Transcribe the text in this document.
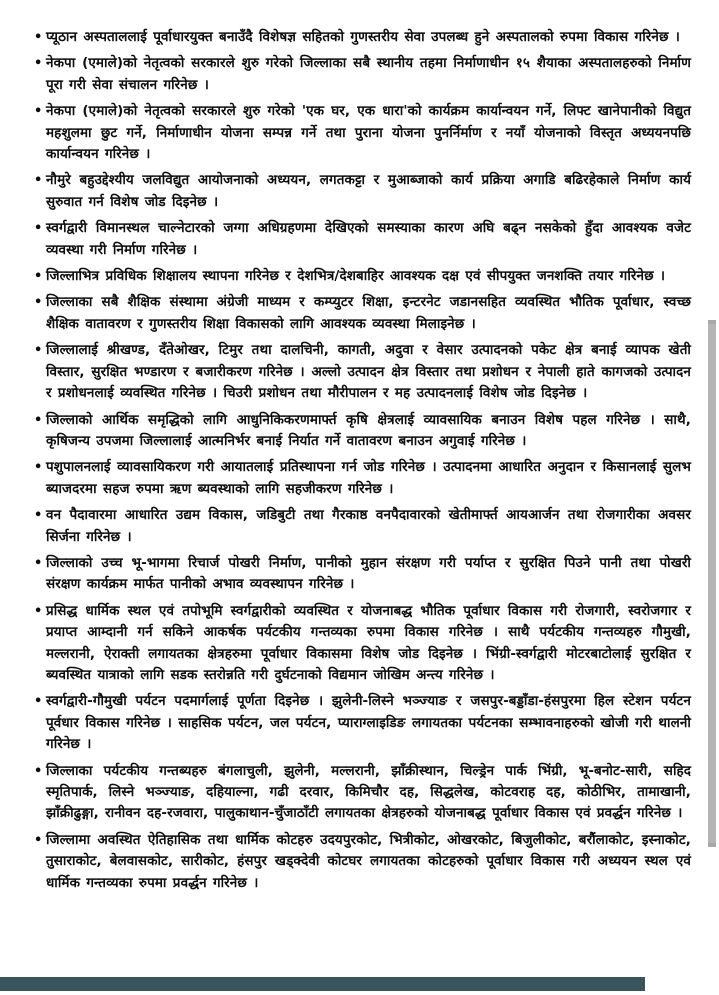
• प्यूठान अस्पताललाई पूर्वाधारयुक्त बनाउँदै विशेषज्ञ सहितको गुणस्तरीय सेवा उपलब्ध हुने अस्पतालको रुपमा विकास गरिनेछ ।
• नेकपा (एमाले)को नेतृत्वको सरकारले शुरु गरेको जिल्लाका सबै स्थानीय तहमा निर्माणाधीन १५ शैयाका अस्पतालहरुको निर्माण पूरा गरी सेवा संचालन गरिनेछ ।
• नेकपा (एमाले)को नेतृत्वको सरकारले शुरु गरेको 'एक घर, एक धारा'को कार्यक्रम कार्यान्वयन गर्ने, लिफ्ट खानेपानीको विद्युत महशुलमा छुट गर्ने, निर्माणाधीन योजना सम्पन्न गर्ने तथा पुराना योजना पुनर्निर्माण र नयाँ योजनाको विस्तृत अध्ययनपछि कार्यान्वयन गरिनेछ ।
• नौमुरे बहुउद्देश्यीय जलविद्युत आयोजनाको अध्ययन, लगतकट्टा र मुआब्जाको कार्य प्रक्रिया अगाडि बढिरहेकाले निर्माण कार्य सुरुवात गर्न विशेष जोड दिइनेछ ।
• स्वर्गद्वारी विमानस्थल चाल्नेटारको जग्गा अधिग्रहणमा देखिएको समस्याका कारण अघि बढ्न नसकेको हुँदा आवश्यक वजेट व्यवस्था गरी निर्माण गरिनेछ ।
• जिल्लाभित्र प्रविधिक शिक्षालय स्थापना गरिनेछ र देशभित्र/देशबाहिर आवश्यक दक्ष एवं सीपयुक्त जनशक्ति तयार गरिनेछ ।
• जिल्लाका सबै शैक्षिक संस्थामा अंग्रेजी माध्यम र कम्प्युटर शिक्षा, इन्टरनेट जडानसहित व्यवस्थित भौतिक पूर्वाधार, स्वच्छ शैक्षिक वातावरण र गुणस्तरीय शिक्षा विकासको लागि आवश्यक व्यवस्था मिलाइनेछ ।
• जिल्लालाई श्रीखण्ड, दँतेओखर, टिमुर तथा दालचिनी, कागती, अदुवा र वेसार उत्पादनको पकेट क्षेत्र बनाई व्यापक खेती विस्तार, सुरक्षित भण्डारण र बजारीकरण गरिनेछ । अल्लो उत्पादन क्षेत्र विस्तार तथा प्रशोधन र नेपाली हाते कागजको उत्पादन र प्रशोधनलाई व्यवस्थित गरिनेछ । चिउरी प्रशोधन तथा मौरीपालन र मह उत्पादनलाई विशेष जोड दिइनेछ ।
• जिल्लाको आर्थिक समृद्धिको लागि आधुनिकिकरणमार्फ्त कृषि क्षेत्रलाई व्यावसायिक बनाउन विशेष पहल गरिनेछ । साथै, कृषिजन्य उपजमा जिल्लालाई आत्मनिर्भर बनाई निर्यात गर्ने वातावरण बनाउन अगुवाई गरिनेछ ।
• पशुपालनलाई व्यावसायिकरण गरी आयातलाई प्रतिस्थापना गर्न जोड गरिनेछ । उत्पादनमा आधारित अनुदान र किसानलाई सुलभ ब्याजदरमा सहज रुपमा ऋण ब्यवस्थाको लागि सहजीकरण गरिनेछ ।
• वन पैदावारमा आधारित उद्यम विकास, जडिबुटी तथा गैरकाष्ठ वनपैदावारको खेतीमार्फ्त आयआर्जन तथा रोजगारीका अवसर सिर्जना गरिनेछ ।
• जिल्लाको उच्च भू-भागमा रिचार्ज पोखरी निर्माण, पानीको मुहान संरक्षण गरी पर्याप्त र सुरक्षित पिउने पानी तथा पोखरी संरक्षण कार्यक्रम मार्फत पानीको अभाव व्यवस्थापन गरिनेछ ।
• प्रसिद्ध धार्मिक स्थल एवं तपोभूमि स्वर्गद्वारीको व्यवस्थित र योजनाबद्ध भौतिक पूर्वाधार विकास गरी रोजगारी, स्वरोजगार र प्रयाप्त आम्दानी गर्न सकिने आकर्षक पर्यटकीय गन्तव्यका रुपमा विकास गरिनेछ । साथै पर्यटकीय गन्तव्यहरु गौमुखी, मल्लरानी, ऐराक्ती लगायतका क्षेत्रहरुमा पूर्वाधार विकासमा विशेष जोड दिइनेछ । भिंग्री-स्वर्गद्वारी मोटरबाटोलाई सुरक्षित र ब्यवस्थित यात्राको लागि सडक स्तरोन्नति गरी दुर्घटनाको विद्यमान जोखिम अन्त्य गरिनेछ ।
• स्वर्गद्वारी-गौमुखी पर्यटन पदमार्गलाई पूर्णता दिइनेछ । झुलेनी-लिस्ने भञ्ज्याङ र जसपुर-बड्डाँडा-हंसपुरमा हिल स्टेशन पर्यटन पूर्वधार विकास गरिनेछ । साहसिक पर्यटन, जल पर्यटन, प्याराग्लाइडिङ लगायतका पर्यटनका सम्भावनाहरुको खोजी गरी थालनी गरिनेछ ।
• जिल्लाका पर्यटकीय गन्तब्यहरु बंगलाचुली, झुलेनी, मल्लरानी, झाँक्रीस्थान, चिल्ड्रेन पार्क भिंग्री, भू-बनोट-सारी, सहिद स्मृतिपार्क, लिस्ने भञ्ज्याङ, दहियाल्ना, गढी दरवार, किमिचौर दह, सिद्धलेख, कोटवराह दह, कोठीभिर, तामाखानी, झाँक्रीढुङ्गा, रानीवन दह-रजवारा, पालुकाथान-चुँजाठाँटी लगायतका क्षेत्रहरुको योजनाबद्ध पूर्वाधार विकास एवं प्रवर्द्धन गरिनेछ ।
• जिल्लामा अवस्थित ऐतिहासिक तथा धार्मिक कोटहरु उदयपुरकोट, भित्रीकोट, ओखरकोट, बिजुलीकोट, बरौंलाकोट, इस्नाकोट, तुसाराकोट, बेलवासकोट, सारीकोट, हंसपुर खड्क्देवी कोटघर लगायतका कोटहरुको पूर्वाधार विकास गरी अध्ययन स्थल एवं धार्मिक गन्तव्यका रुपमा प्रवर्द्धन गरिनेछ ।
